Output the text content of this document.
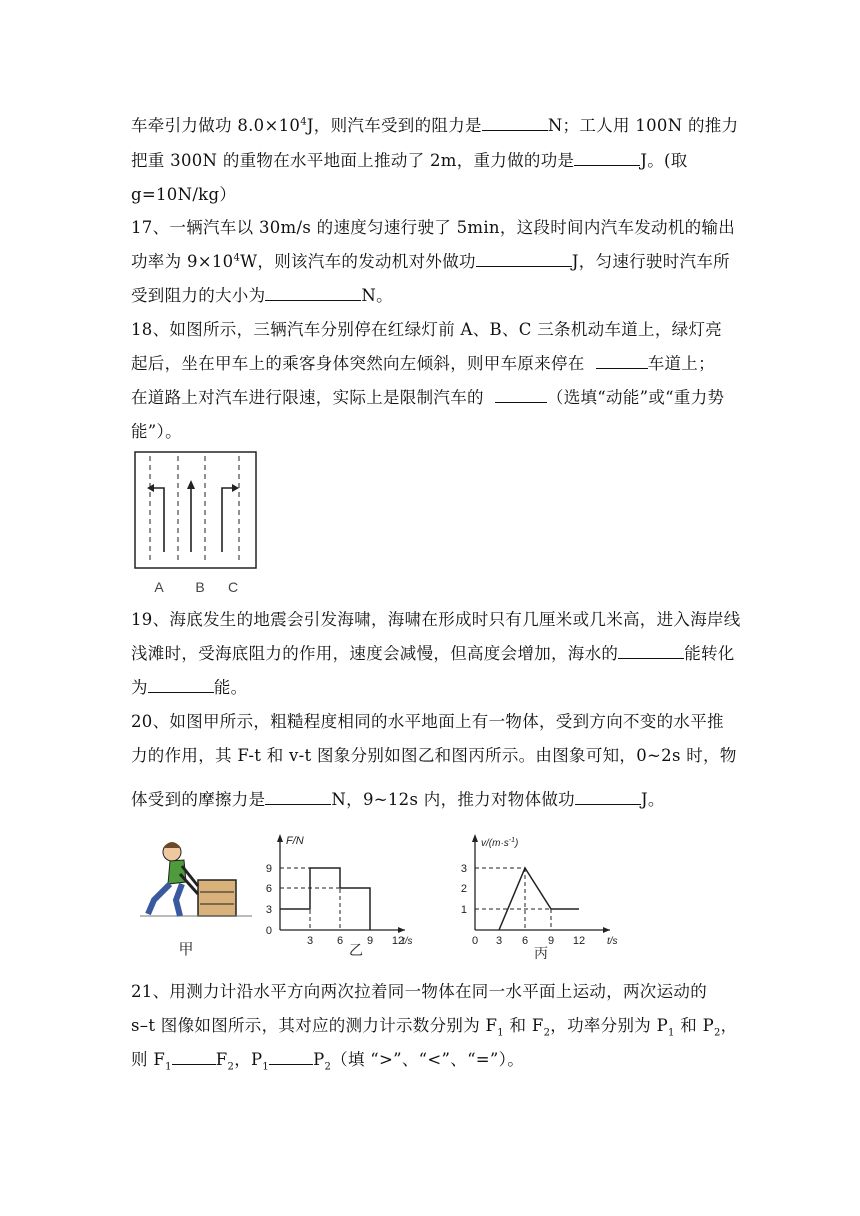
车牵引力做功 $8.0\times 10^4J$，则汽车受到的阻力是	N；工人用 100N 的推力
把重 300N 的重物在水平地面上推动了 2m，重力做的功是	J。(取
g=10N/kg）
17、一辆汽车以 30m/s 的速度匀速行驶了 5min，这段时间内汽车发动机的输出
功率为 $9\times 10^4W$，则该汽车的发动机对外做功	J，匀速行驶时汽车所
受到阻力的大小为	N。
18、如图所示，三辆汽车分别停在红绿灯前 A、B、C 三条机动车道上，绿灯亮
起后，坐在甲车上的乘客身体突然向左倾斜，则甲车原来停在	车道上；
在道路上对汽车进行限速，实际上是限制汽车的	（选填“动能”或“重力势
能”）。
A B C
19、海底发生的地震会引发海啸，海啸在形成时只有几厘米或几米高，进入海岸线
浅滩时，受海底阻力的作用，速度会减慢，但高度会增加，海水的	能转化
为	能。
20、如图甲所示，粗糙程度相同的水平地面上有一物体，受到方向不变的水平推
力的作用，其 F-t 和 v-t 图象分别如图乙和图丙所示。由图象可知，0~2s 时，物
体受到的摩擦力是	N，9~12s 内，推力对物体做功	J。
甲
F/N
t/s
9
6
3
0
3 6 9 12
乙
$v/(m\cdot s^{-1})$
t/s
3
2
1
0 3 6 9 12
丙
21、用测力计沿水平方向两次拉着同一物体在同一水平面上运动，两次运动的
s–t 图像如图所示，其对应的测力计示数分别为 $F_1$ 和 $F_2$，功率分别为 $P_1$ 和 $P_2$，
则 $F_1$	$F_2$，$P_1$	$P_2$（填 “>”、“<”、“=”）。
